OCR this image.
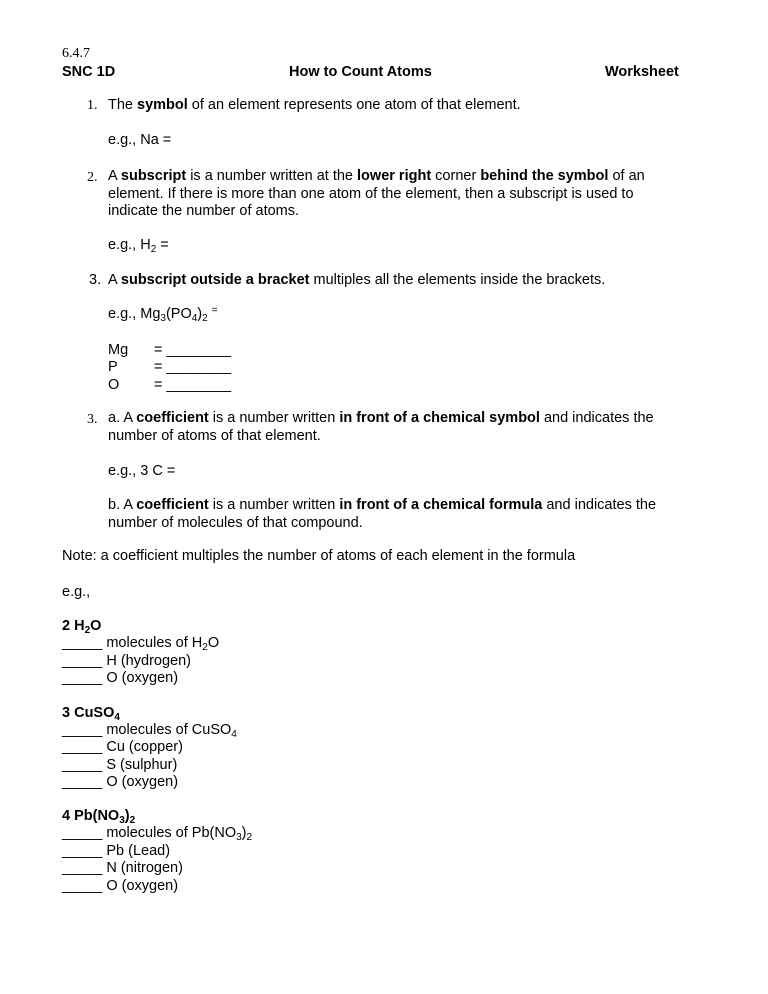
6.4.7
SNC 1D	How to Count Atoms	Worksheet
1. The symbol of an element represents one atom of that element.
e.g., Na =
2. A subscript is a number written at the lower right corner behind the symbol of an element. If there is more than one atom of the element, then a subscript is used to indicate the number of atoms.
e.g., $H_2$ =
3. A subscript outside a bracket multiples all the elements inside the brackets.
e.g., $Mg_3(PO_4)_2$ =
Mg = ________
P	= ________
O = ________
3. a. A coefficient is a number written in front of a chemical symbol and indicates the number of atoms of that element.
e.g., 3 C =
b. A coefficient is a number written in front of a chemical formula and indicates the number of molecules of that compound.
Note: a coefficient multiples the number of atoms of each element in the formula
e.g.,
2 $H_2O$
_____ molecules of $H_2O$
_____ H (hydrogen)
_____ O (oxygen)
3 CuSO$_4$
_____ molecules of CuSO$_4$
_____ Cu (copper)
_____ S (sulphur)
_____ O (oxygen)
4 $Pb(NO_3)_2$
_____ molecules of $Pb(NO_3)_2$
_____ Pb (Lead)
_____ N (nitrogen)
_____ O (oxygen)
